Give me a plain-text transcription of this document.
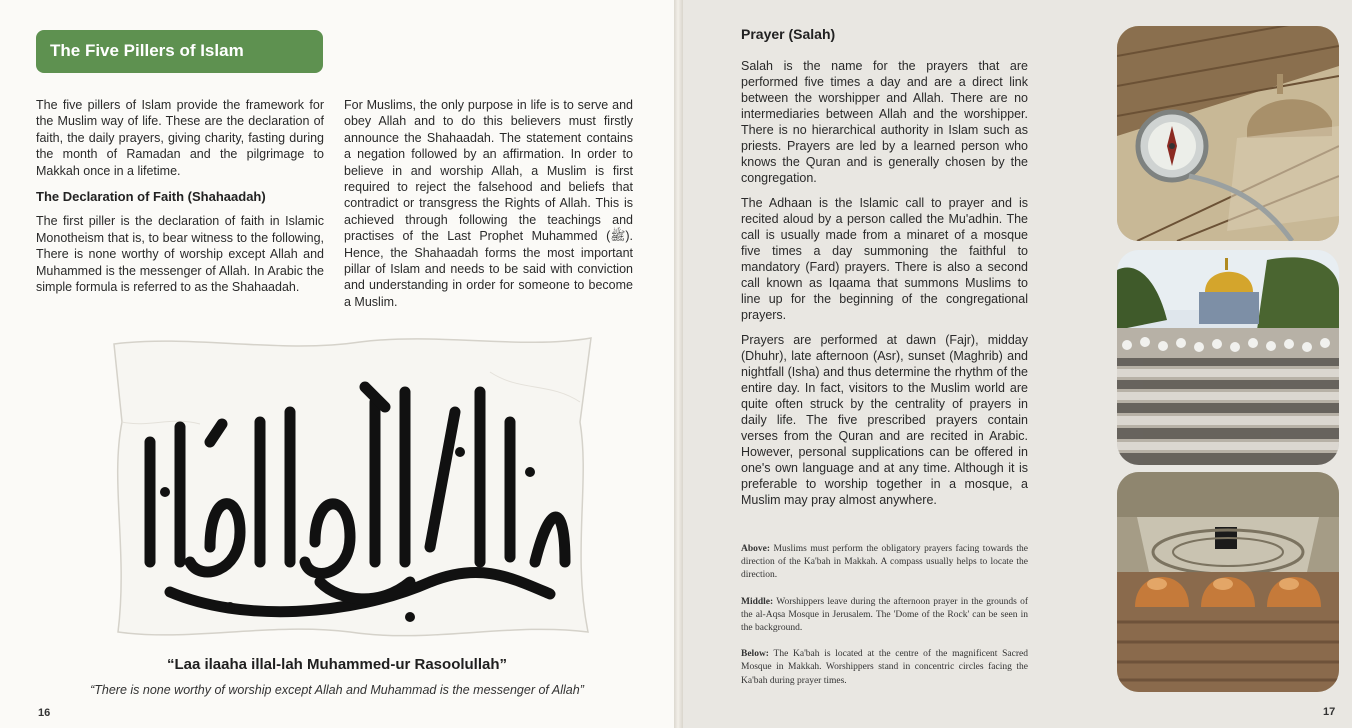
The Five Pillers of Islam

The five pillers of Islam provide the framework for the Muslim way of life. These are the declaration of faith, the daily prayers, giving charity, fasting during the month of Ramadan and the pilgrimage to Makkah once in a lifetime.

The Declaration of Faith (Shahaadah)

The first piller is the declaration of faith in Islamic Monotheism that is, to bear witness to the following, There is none worthy of worship except Allah and Muhammed is the messenger of Allah. In Arabic the simple formula is referred to as the Shahaadah.

For Muslims, the only purpose in life is to serve and obey Allah and to do this believers must firstly announce the Shahaadah. The statement contains a negation followed by an affirmation. In order to believe in and worship Allah, a Muslim is first required to reject the falsehood and beliefs that contradict or transgress the Rights of Allah. This is achieved through following the teachings and practises of the Last Prophet Muhammed (ﷺ). Hence, the Shahaadah forms the most important pillar of Islam and needs to be said with conviction and understanding in order for someone to become a Muslim.

“Laa ilaaha illal-lah Muhammed-ur Rasoolullah”
“There is none worthy of worship except Allah and Muhammad is the messenger of Allah”
16
Prayer (Salah)

Salah is the name for the prayers that are performed five times a day and are a direct link between the worshipper and Allah. There are no intermediaries between Allah and the worshipper. There is no hierarchical authority in Islam such as priests. Prayers are led by a learned person who knows the Quran and is generally chosen by the congregation.

The Adhaan is the Islamic call to prayer and is recited aloud by a person called the Mu'adhin. The call is usually made from a minaret of a mosque five times a day summoning the faithful to mandatory (Fard) prayers. There is also a second call known as Iqaama that summons Muslims to line up for the beginning of the congregational prayers.

Prayers are performed at dawn (Fajr), midday (Dhuhr), late afternoon (Asr), sunset (Maghrib) and nightfall (Isha) and thus determine the rhythm of the entire day. In fact, visitors to the Muslim world are quite often struck by the centrality of prayers in daily life. The five prescribed prayers contain verses from the Quran and are recited in Arabic. However, personal supplications can be offered in one's own language and at any time. Although it is preferable to worship together in a mosque, a Muslim may pray almost anywhere.

Above: Muslims must perform the obligatory prayers facing towards the direction of the Ka'bah in Makkah. A compass usually helps to locate the direction.

Middle: Worshippers leave during the afternoon prayer in the grounds of the al-Aqsa Mosque in Jerusalem. The 'Dome of the Rock' can be seen in the background.

Below: The Ka'bah is located at the centre of the magnificent Sacred Mosque in Makkah. Worshippers stand in concentric circles facing the Ka'bah during prayer times.

17
